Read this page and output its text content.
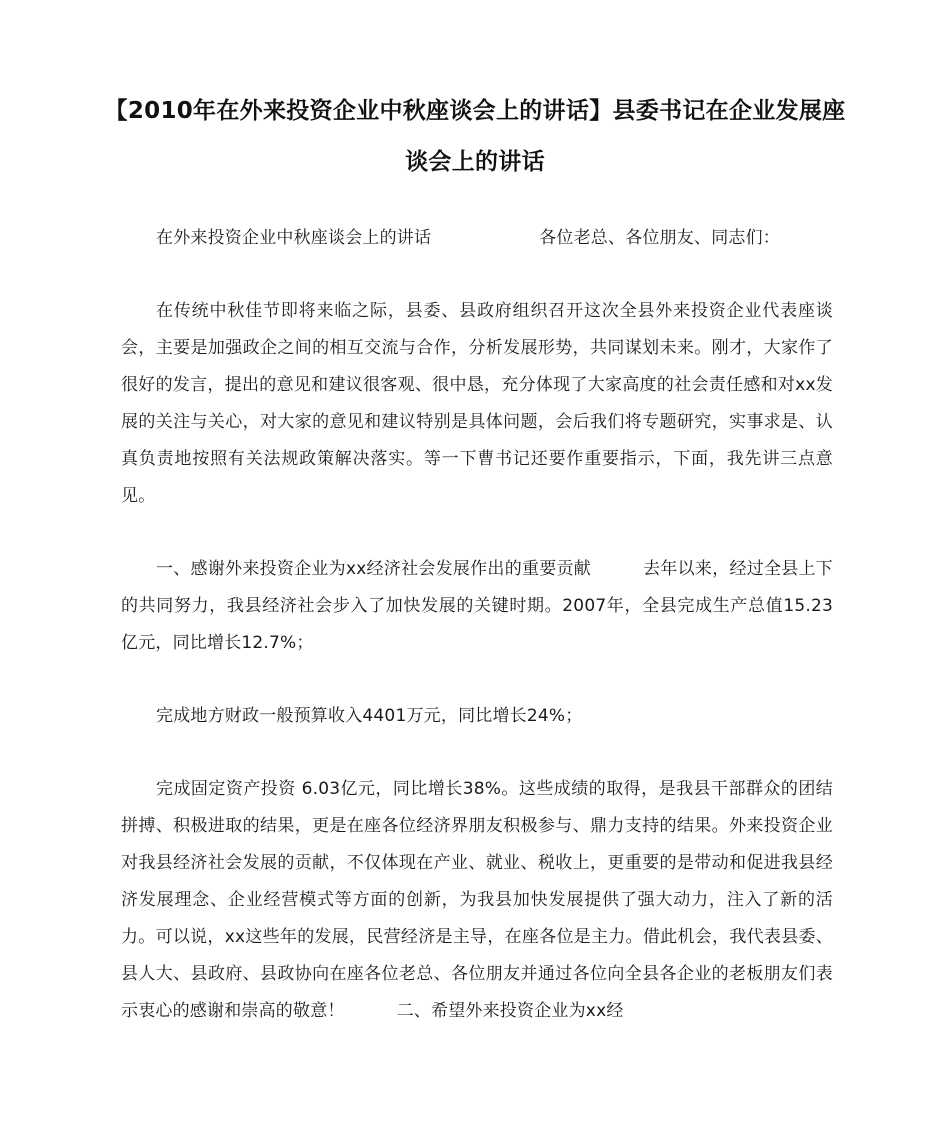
【2010年在外来投资企业中秋座谈会上的讲话】县委书记在企业发展座谈会上的讲话

在外来投资企业中秋座谈会上的讲话	各位老总、各位朋友、同志们：

在传统中秋佳节即将来临之际，县委、县政府组织召开这次全县外来投资企业代表座谈会，主要是加强政企之间的相互交流与合作，分析发展形势，共同谋划未来。刚才，大家作了很好的发言，提出的意见和建议很客观、很中恳，充分体现了大家高度的社会责任感和对xx发展的关注与关心，对大家的意见和建议特别是具体问题，会后我们将专题研究，实事求是、认真负责地按照有关法规政策解决落实。等一下曹书记还要作重要指示，下面，我先讲三点意见。

一、感谢外来投资企业为xx经济社会发展作出的重要贡献	去年以来，经过全县上下的共同努力，我县经济社会步入了加快发展的关键时期。2007年，全县完成生产总值15.23亿元，同比增长12.7%；

完成地方财政一般预算收入4401万元，同比增长24%；

完成固定资产投资 6.03亿元，同比增长38%。这些成绩的取得，是我县干部群众的团结拼搏、积极进取的结果，更是在座各位经济界朋友积极参与、鼎力支持的结果。外来投资企业对我县经济社会发展的贡献，不仅体现在产业、就业、税收上，更重要的是带动和促进我县经济发展理念、企业经营模式等方面的创新，为我县加快发展提供了强大动力，注入了新的活力。可以说，xx这些年的发展，民营经济是主导，在座各位是主力。借此机会，我代表县委、县人大、县政府、县政协向在座各位老总、各位朋友并通过各位向全县各企业的老板朋友们表示衷心的感谢和崇高的敬意！	二、希望外来投资企业为xx经
